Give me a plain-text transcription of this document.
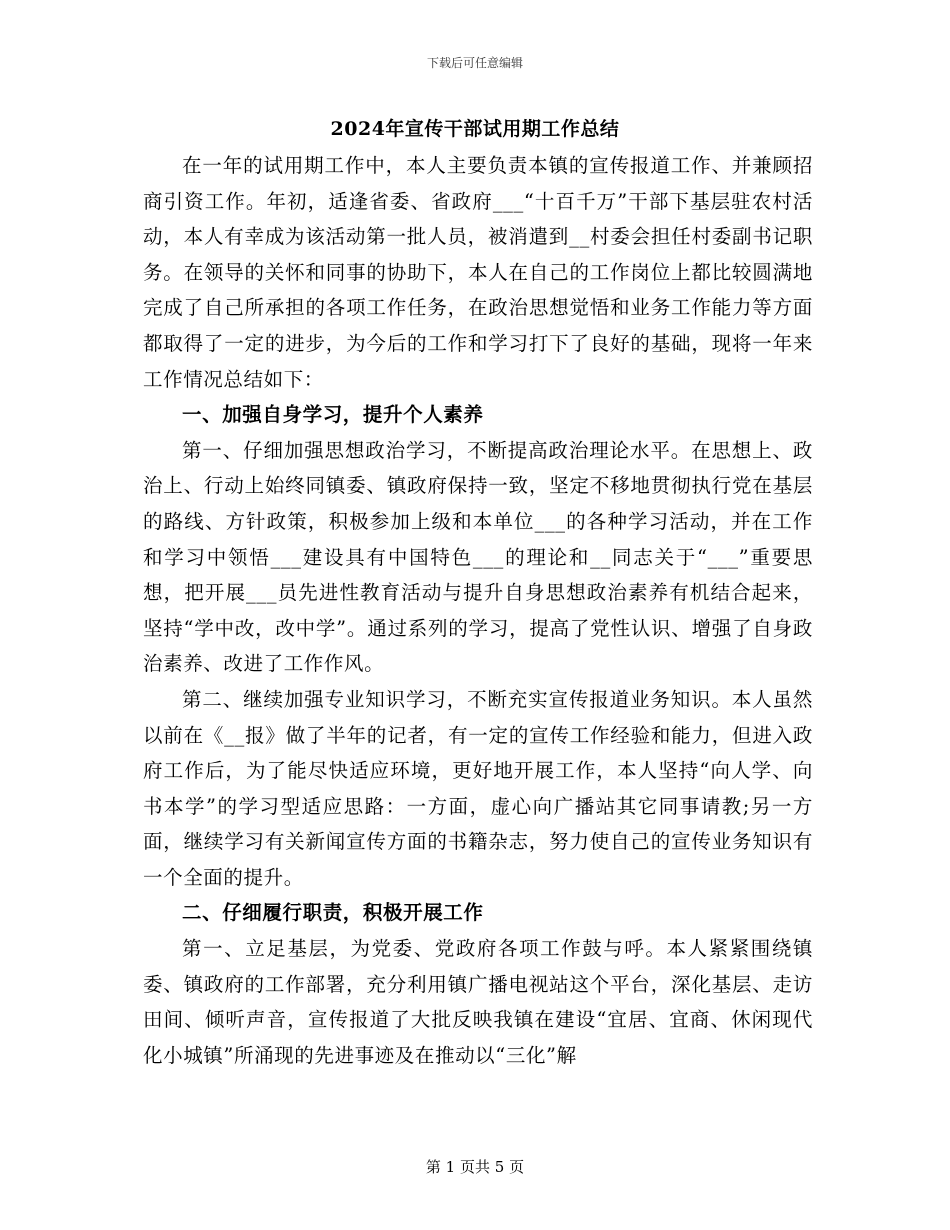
下载后可任意编辑
2024年宣传干部试用期工作总结

在一年的试用期工作中，本人主要负责本镇的宣传报道工作、并兼顾招商引资工作。年初，适逢省委、省政府___“十百千万”干部下基层驻农村活动，本人有幸成为该活动第一批人员，被消遣到__村委会担任村委副书记职务。在领导的关怀和同事的协助下，本人在自己的工作岗位上都比较圆满地完成了自己所承担的各项工作任务，在政治思想觉悟和业务工作能力等方面都取得了一定的进步，为今后的工作和学习打下了良好的基础，现将一年来工作情况总结如下：

一、加强自身学习，提升个人素养

第一、仔细加强思想政治学习，不断提高政治理论水平。在思想上、政治上、行动上始终同镇委、镇政府保持一致，坚定不移地贯彻执行党在基层的路线、方针政策，积极参加上级和本单位___的各种学习活动，并在工作和学习中领悟___建设具有中国特色___的理论和__同志关于“___”重要思想，把开展___员先进性教育活动与提升自身思想政治素养有机结合起来，坚持“学中改，改中学”。通过系列的学习，提高了党性认识、增强了自身政治素养、改进了工作作风。

第二、继续加强专业知识学习，不断充实宣传报道业务知识。本人虽然以前在《__报》做了半年的记者，有一定的宣传工作经验和能力，但进入政府工作后，为了能尽快适应环境，更好地开展工作，本人坚持“向人学、向书本学”的学习型适应思路：一方面，虚心向广播站其它同事请教;另一方面，继续学习有关新闻宣传方面的书籍杂志，努力使自己的宣传业务知识有一个全面的提升。

二、仔细履行职责，积极开展工作

第一、立足基层，为党委、党政府各项工作鼓与呼。本人紧紧围绕镇委、镇政府的工作部署，充分利用镇广播电视站这个平台，深化基层、走访田间、倾听声音，宣传报道了大批反映我镇在建设“宜居、宜商、休闲现代化小城镇”所涌现的先进事迹及在推动以“三化”解

第 1 页共 5 页
